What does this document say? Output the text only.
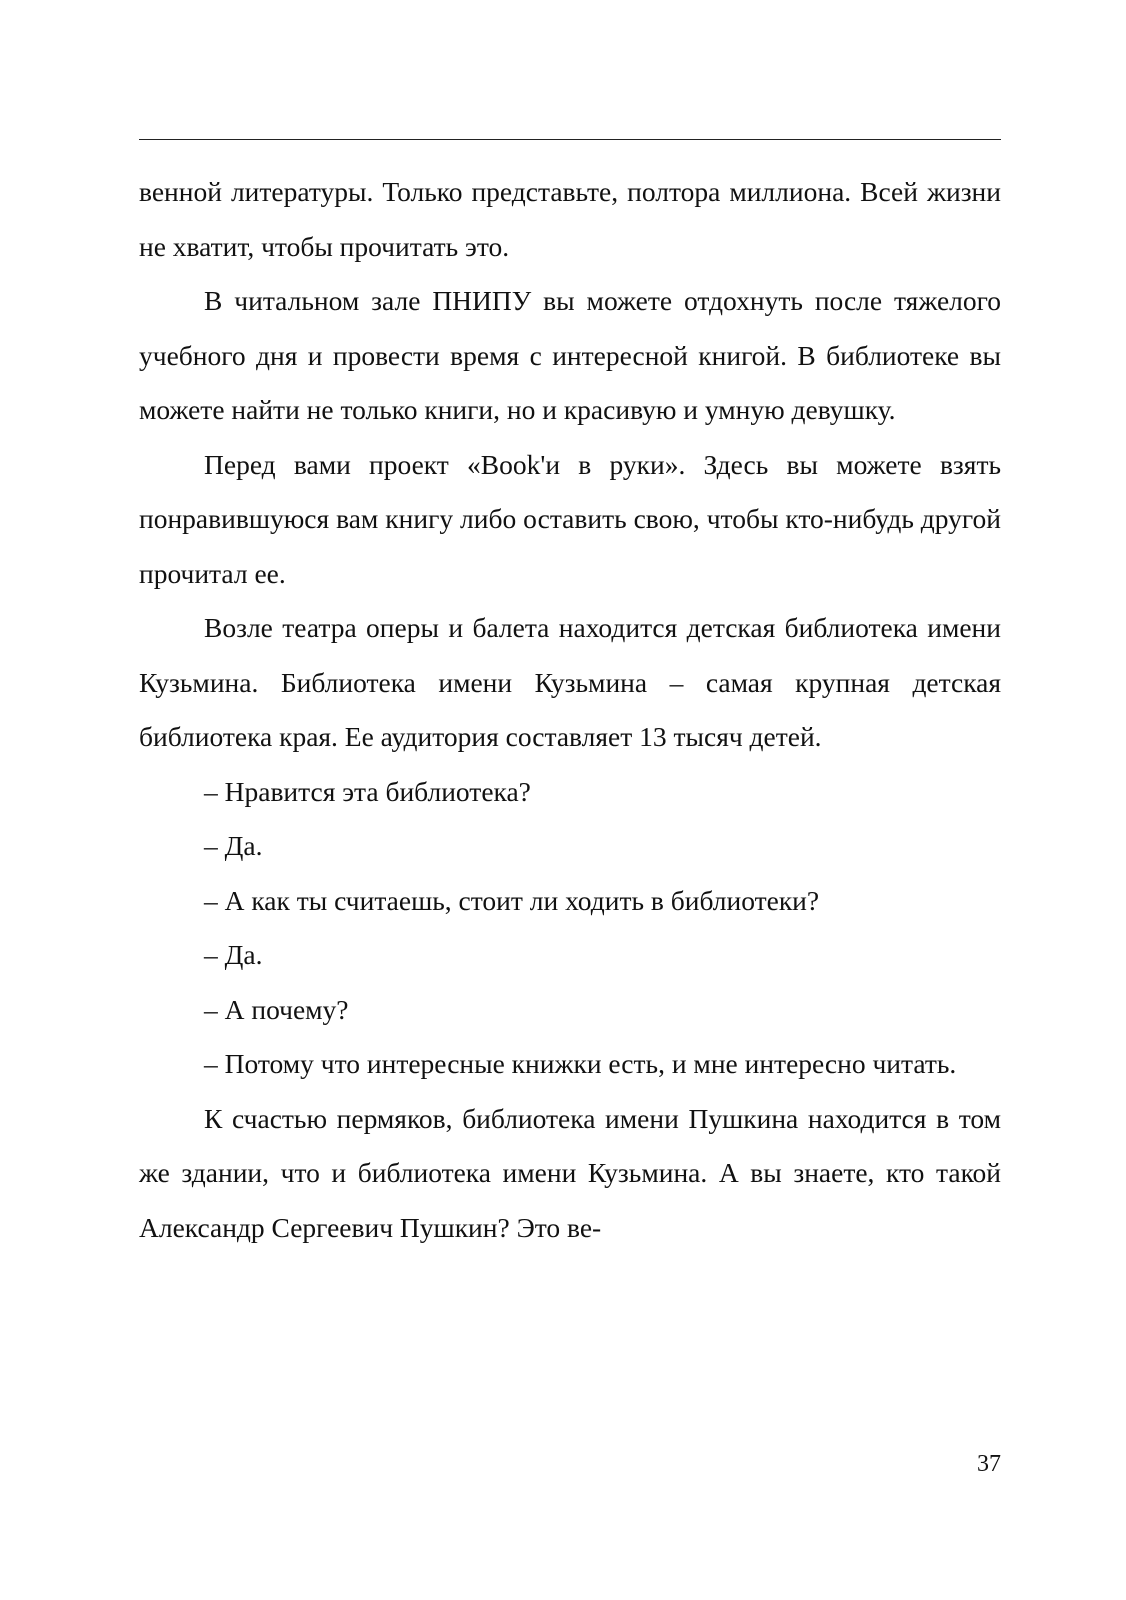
венной литературы. Только представьте, полтора миллиона. Всей жизни не хватит, чтобы прочитать это.

В читальном зале ПНИПУ вы можете отдохнуть после тяжелого учебного дня и провести время с интересной книгой. В библиотеке вы можете найти не только книги, но и красивую и умную девушку.

Перед вами проект «Book'и в руки». Здесь вы можете взять понравившуюся вам книгу либо оставить свою, чтобы кто-нибудь другой прочитал ее.

Возле театра оперы и балета находится детская библиотека имени Кузьмина. Библиотека имени Кузьмина – самая крупная детская библиотека края. Ее аудитория составляет 13 тысяч детей.

– Нравится эта библиотека?

– Да.

– А как ты считаешь, стоит ли ходить в библиотеки?

– Да.

– А почему?

– Потому что интересные книжки есть, и мне интересно читать.

К счастью пермяков, библиотека имени Пушкина находится в том же здании, что и библиотека имени Кузьмина. А вы знаете, кто такой Александр Сергеевич Пушкин? Это ве-

37
